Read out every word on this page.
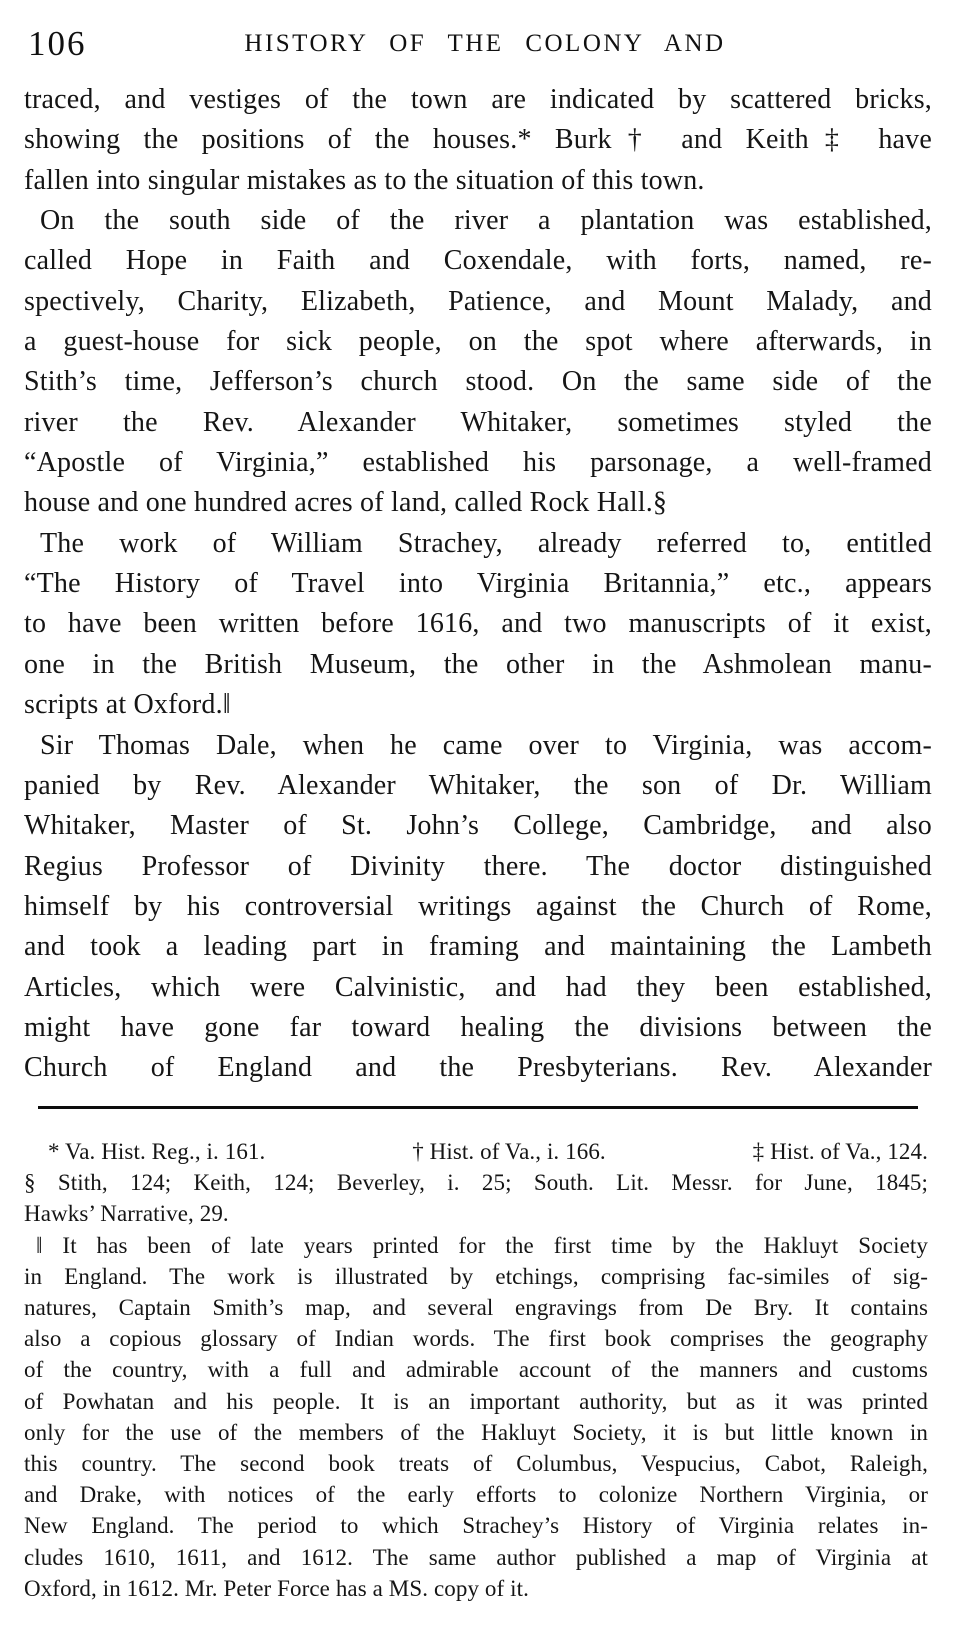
106	HISTORY OF THE COLONY AND
traced, and vestiges of the town are indicated by scattered bricks,
showing the positions of the houses.* Burk† and Keith‡ have
fallen into singular mistakes as to the situation of this town.
On the south side of the river a plantation was established,
called Hope in Faith and Coxendale, with forts, named, re-
spectively, Charity, Elizabeth, Patience, and Mount Malady, and
a guest-house for sick people, on the spot where afterwards, in
Stith’s time, Jefferson’s church stood. On the same side of the
river the Rev. Alexander Whitaker, sometimes styled the
“Apostle of Virginia,” established his parsonage, a well-framed
house and one hundred acres of land, called Rock Hall.§
The work of William Strachey, already referred to, entitled
“The History of Travel into Virginia Britannia,” etc., appears
to have been written before 1616, and two manuscripts of it exist,
one in the British Museum, the other in the Ashmolean manu-
scripts at Oxford.‖
Sir Thomas Dale, when he came over to Virginia, was accom-
panied by Rev. Alexander Whitaker, the son of Dr. William
Whitaker, Master of St. John’s College, Cambridge, and also
Regius Professor of Divinity there. The doctor distinguished
himself by his controversial writings against the Church of Rome,
and took a leading part in framing and maintaining the Lambeth
Articles, which were Calvinistic, and had they been established,
might have gone far toward healing the divisions between the
Church of England and the Presbyterians. Rev. Alexander
* Va. Hist. Reg., i. 161.	† Hist. of Va., i. 166.	‡ Hist. of Va., 124.
§ Stith, 124; Keith, 124; Beverley, i. 25; South. Lit. Messr. for June, 1845;
Hawks’ Narrative, 29.
‖ It has been of late years printed for the first time by the Hakluyt Society
in England. The work is illustrated by etchings, comprising fac-similes of sig-
natures, Captain Smith’s map, and several engravings from De Bry. It contains
also a copious glossary of Indian words. The first book comprises the geography
of the country, with a full and admirable account of the manners and customs
of Powhatan and his people. It is an important authority, but as it was printed
only for the use of the members of the Hakluyt Society, it is but little known in
this country. The second book treats of Columbus, Vespucius, Cabot, Raleigh,
and Drake, with notices of the early efforts to colonize Northern Virginia, or
New England. The period to which Strachey’s History of Virginia relates in-
cludes 1610, 1611, and 1612. The same author published a map of Virginia at
Oxford, in 1612. Mr. Peter Force has a MS. copy of it.
